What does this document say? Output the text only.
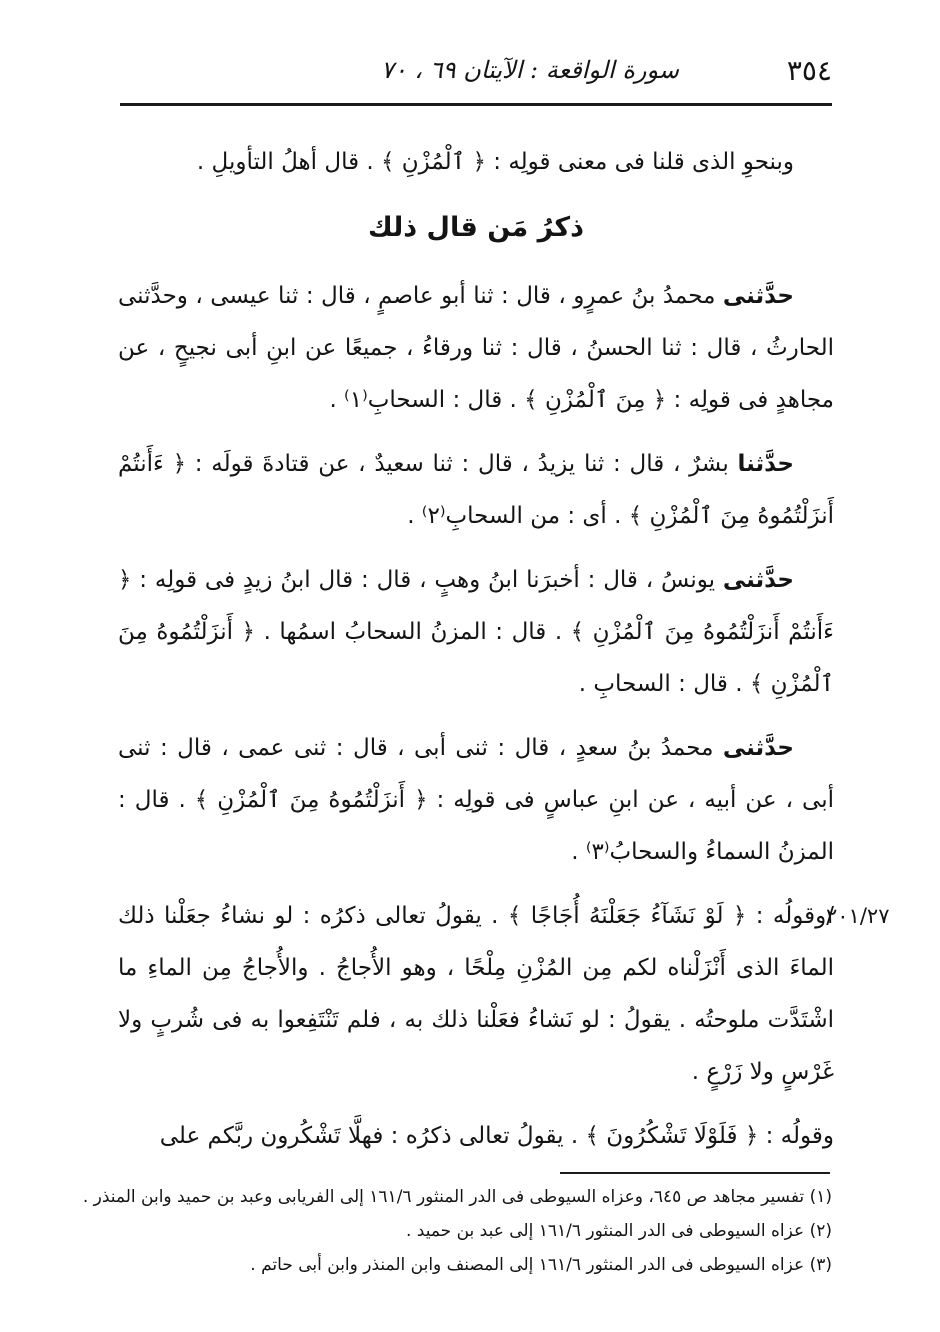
٣٥٤
سورة الواقعة : الآيتان ٦٩ ، ٧٠

وبنحوِ الذى قلنا فى معنى قولِه : ﴿ ٱلْمُزْنِ ﴾ . قال أهلُ التأويلِ .

ذكرُ مَن قال ذلك

حدَّثنى محمدُ بنُ عمرٍو ، قال : ثنا أبو عاصمٍ ، قال : ثنا عيسى ، وحدَّثنى الحارثُ ، قال : ثنا الحسنُ ، قال : ثنا ورقاءُ ، جميعًا عن ابنِ أبى نجيحٍ ، عن مجاهدٍ فى قولِه : ﴿ مِنَ ٱلْمُزْنِ ﴾ . قال : السحابِ⁽١⁾ .

حدَّثنا بشرٌ ، قال : ثنا يزيدُ ، قال : ثنا سعيدٌ ، عن قتادةَ قولَه : ﴿ ءَأَنتُمْ أَنزَلْتُمُوهُ مِنَ ٱلْمُزْنِ ﴾ . أى : من السحابِ⁽٢⁾ .

حدَّثنى يونسُ ، قال : أخبرَنا ابنُ وهبٍ ، قال : قال ابنُ زيدٍ فى قولِه : ﴿ ءَأَنتُمْ أَنزَلْتُمُوهُ مِنَ ٱلْمُزْنِ ﴾ . قال : المزنُ السحابُ اسمُها . ﴿ أَنزَلْتُمُوهُ مِنَ ٱلْمُزْنِ ﴾ . قال : السحابِ .

حدَّثنى محمدُ بنُ سعدٍ ، قال : ثنى أبى ، قال : ثنى عمى ، قال : ثنى أبى ، عن أبيه ، عن ابنِ عباسٍ فى قولِه : ﴿ أَنزَلْتُمُوهُ مِنَ ٱلْمُزْنِ ﴾ . قال : المزنُ السماءُ والسحابُ⁽٣⁾ .

/وقولُه : ﴿ لَوْ نَشَآءُ جَعَلْنَهُ أُجَاجًا ﴾ . يقولُ تعالى ذكرُه : لو نشاءُ جعَلْنا ذلك الماءَ الذى أَنْزَلْناه لكم مِن المُزْنِ مِلْحًا ، وهو الأُجاجُ . والأُجاجُ مِن الماءِ ما اشْتَدَّت ملوحتُه . يقولُ : لو نَشاءُ فعَلْنا ذلك به ، فلم تَنْتَفِعوا به فى شُربٍ ولا غَرْسٍ ولا زَرْعٍ .

وقولُه : ﴿ فَلَوْلَا تَشْكُرُونَ ﴾ . يقولُ تعالى ذكرُه : فهلَّا تَشْكُرون ربَّكم على

٢٠١/٢٧

(١) تفسير مجاهد ص ٦٤٥، وعزاه السيوطى فى الدر المنثور ١٦١/٦ إلى الفريابى وعبد بن حميد وابن المنذر .

(٢) عزاه السيوطى فى الدر المنثور ١٦١/٦ إلى عبد بن حميد .

(٣) عزاه السيوطى فى الدر المنثور ١٦١/٦ إلى المصنف وابن المنذر وابن أبى حاتم .
